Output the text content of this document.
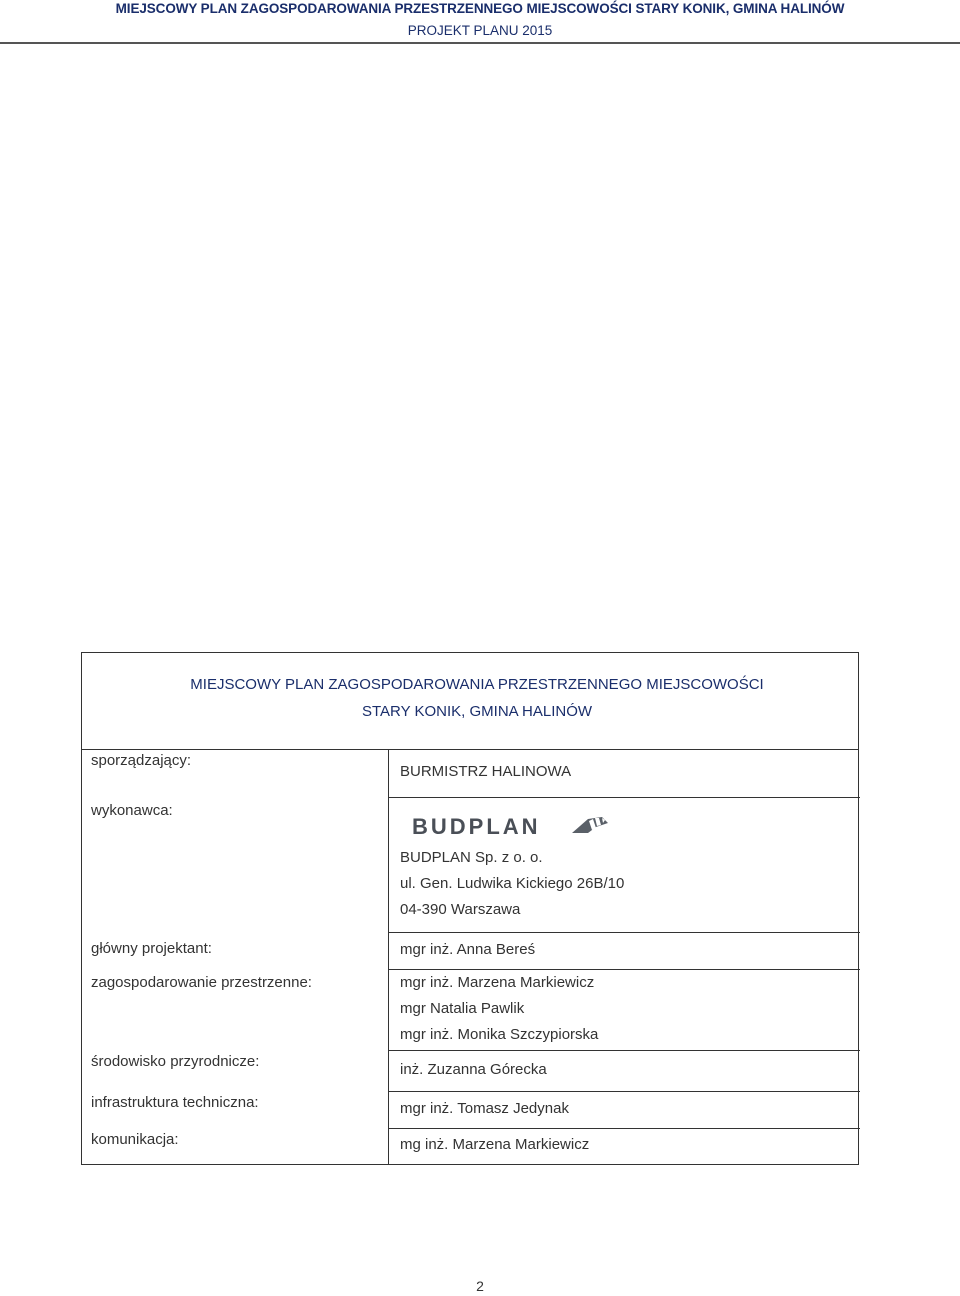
MIEJSCOWY PLAN ZAGOSPODAROWANIA PRZESTRZENNEGO MIEJSCOWOŚCI STARY KONIK, GMINA HALINÓW
PROJEKT PLANU 2015
MIEJSCOWY PLAN ZAGOSPODAROWANIA PRZESTRZENNEGO MIEJSCOWOŚCI
STARY KONIK, GMINA HALINÓW
sporządzający:
wykonawca:
główny projektant:
zagospodarowanie przestrzenne:
środowisko przyrodnicze:
infrastruktura techniczna:
komunikacja:
BURMISTRZ HALINOWA
BUDPLAN
BUDPLAN Sp. z o. o.
ul. Gen. Ludwika Kickiego 26B/10
04-390 Warszawa
mgr inż. Anna Bereś
mgr inż. Marzena Markiewicz
mgr Natalia Pawlik
mgr inż. Monika Szczypiorska
inż. Zuzanna Górecka
mgr inż. Tomasz Jedynak
mg inż. Marzena Markiewicz
2
